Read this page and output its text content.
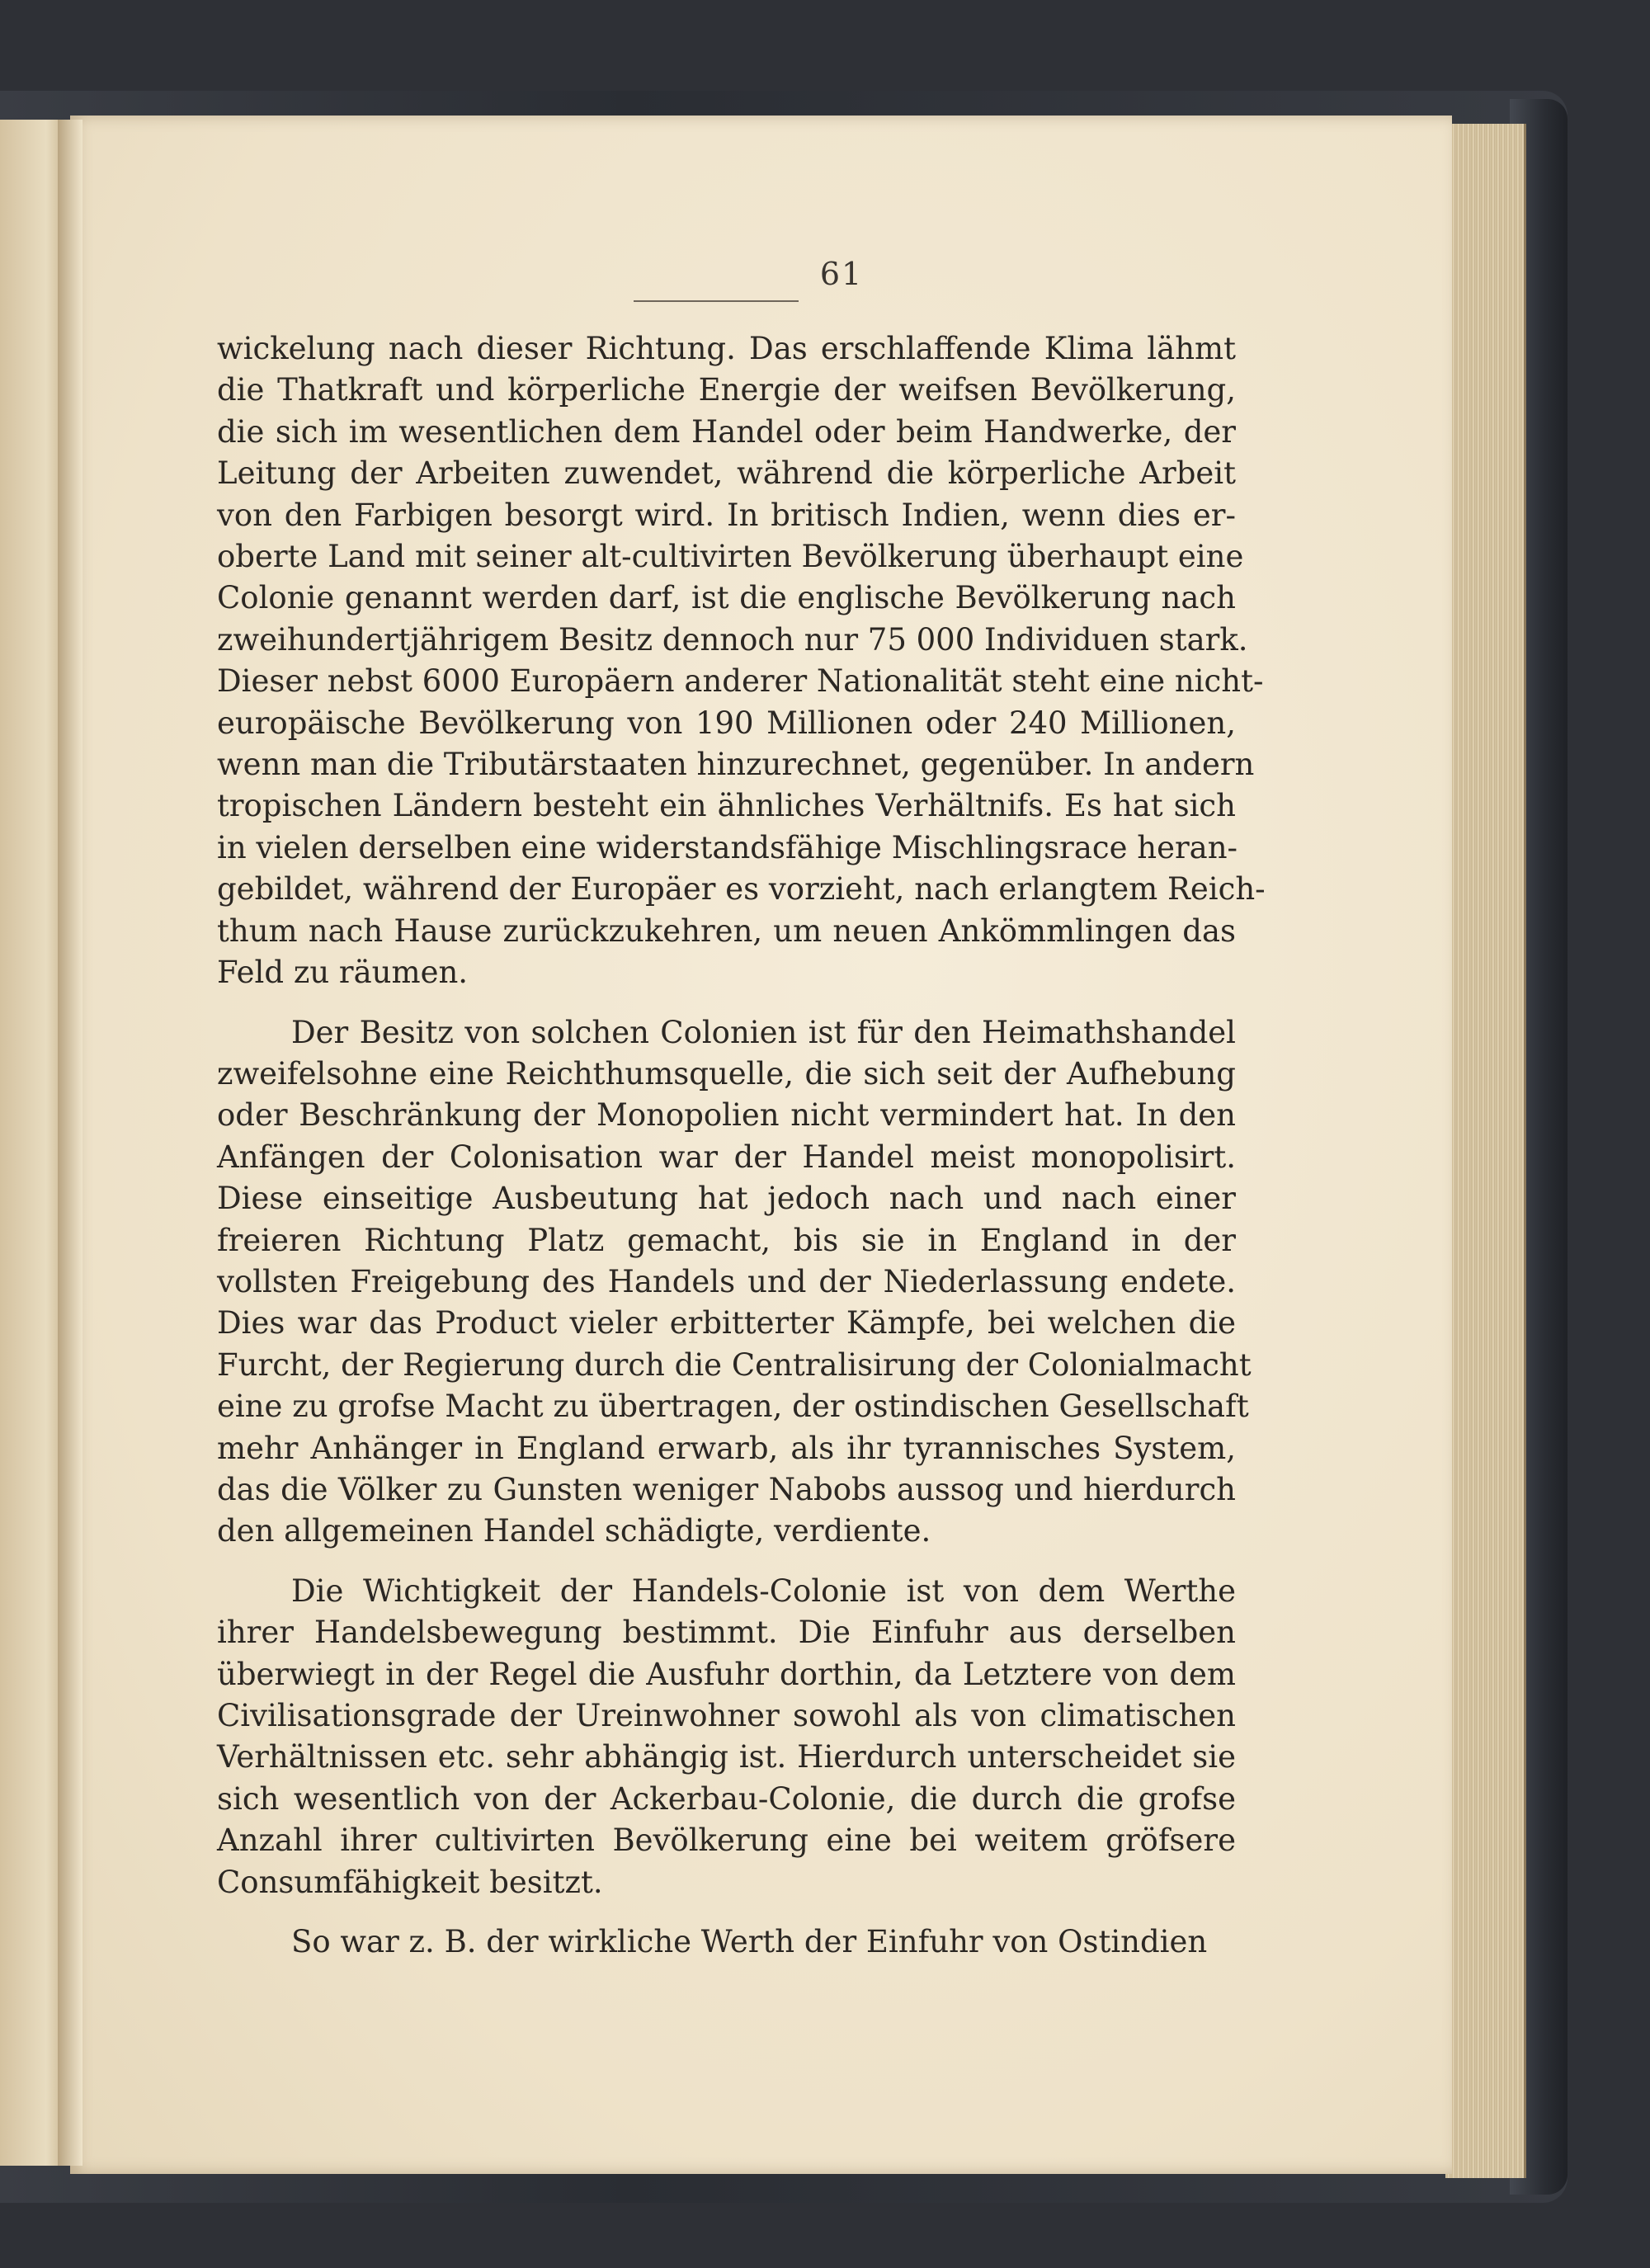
61
wickelung nach dieser Richtung. Das erschlaffende Klima lähmt
die Thatkraft und körperliche Energie der weifsen Bevölkerung,
die sich im wesentlichen dem Handel oder beim Handwerke, der
Leitung der Arbeiten zuwendet, während die körperliche Arbeit
von den Farbigen besorgt wird. In britisch Indien, wenn dies er-
oberte Land mit seiner alt-cultivirten Bevölkerung überhaupt eine
Colonie genannt werden darf, ist die englische Bevölkerung nach
zweihundertjährigem Besitz dennoch nur 75 000 Individuen stark.
Dieser nebst 6000 Europäern anderer Nationalität steht eine nicht-
europäische Bevölkerung von 190 Millionen oder 240 Millionen,
wenn man die Tributärstaaten hinzurechnet, gegenüber. In andern
tropischen Ländern besteht ein ähnliches Verhältnifs. Es hat sich
in vielen derselben eine widerstandsfähige Mischlingsrace heran-
gebildet, während der Europäer es vorzieht, nach erlangtem Reich-
thum nach Hause zurückzukehren, um neuen Ankömmlingen das
Feld zu räumen.
Der Besitz von solchen Colonien ist für den Heimathshandel
zweifelsohne eine Reichthumsquelle, die sich seit der Aufhebung
oder Beschränkung der Monopolien nicht vermindert hat. In den
Anfängen der Colonisation war der Handel meist monopolisirt.
Diese einseitige Ausbeutung hat jedoch nach und nach einer
freieren Richtung Platz gemacht, bis sie in England in der
vollsten Freigebung des Handels und der Niederlassung endete.
Dies war das Product vieler erbitterter Kämpfe, bei welchen die
Furcht, der Regierung durch die Centralisirung der Colonialmacht
eine zu grofse Macht zu übertragen, der ostindischen Gesellschaft
mehr Anhänger in England erwarb, als ihr tyrannisches System,
das die Völker zu Gunsten weniger Nabobs aussog und hierdurch
den allgemeinen Handel schädigte, verdiente.
Die Wichtigkeit der Handels-Colonie ist von dem Werthe
ihrer Handelsbewegung bestimmt. Die Einfuhr aus derselben
überwiegt in der Regel die Ausfuhr dorthin, da Letztere von dem
Civilisationsgrade der Ureinwohner sowohl als von climatischen
Verhältnissen etc. sehr abhängig ist. Hierdurch unterscheidet sie
sich wesentlich von der Ackerbau-Colonie, die durch die grofse
Anzahl ihrer cultivirten Bevölkerung eine bei weitem gröfsere
Consumfähigkeit besitzt.
So war z. B. der wirkliche Werth der Einfuhr von Ostindien
